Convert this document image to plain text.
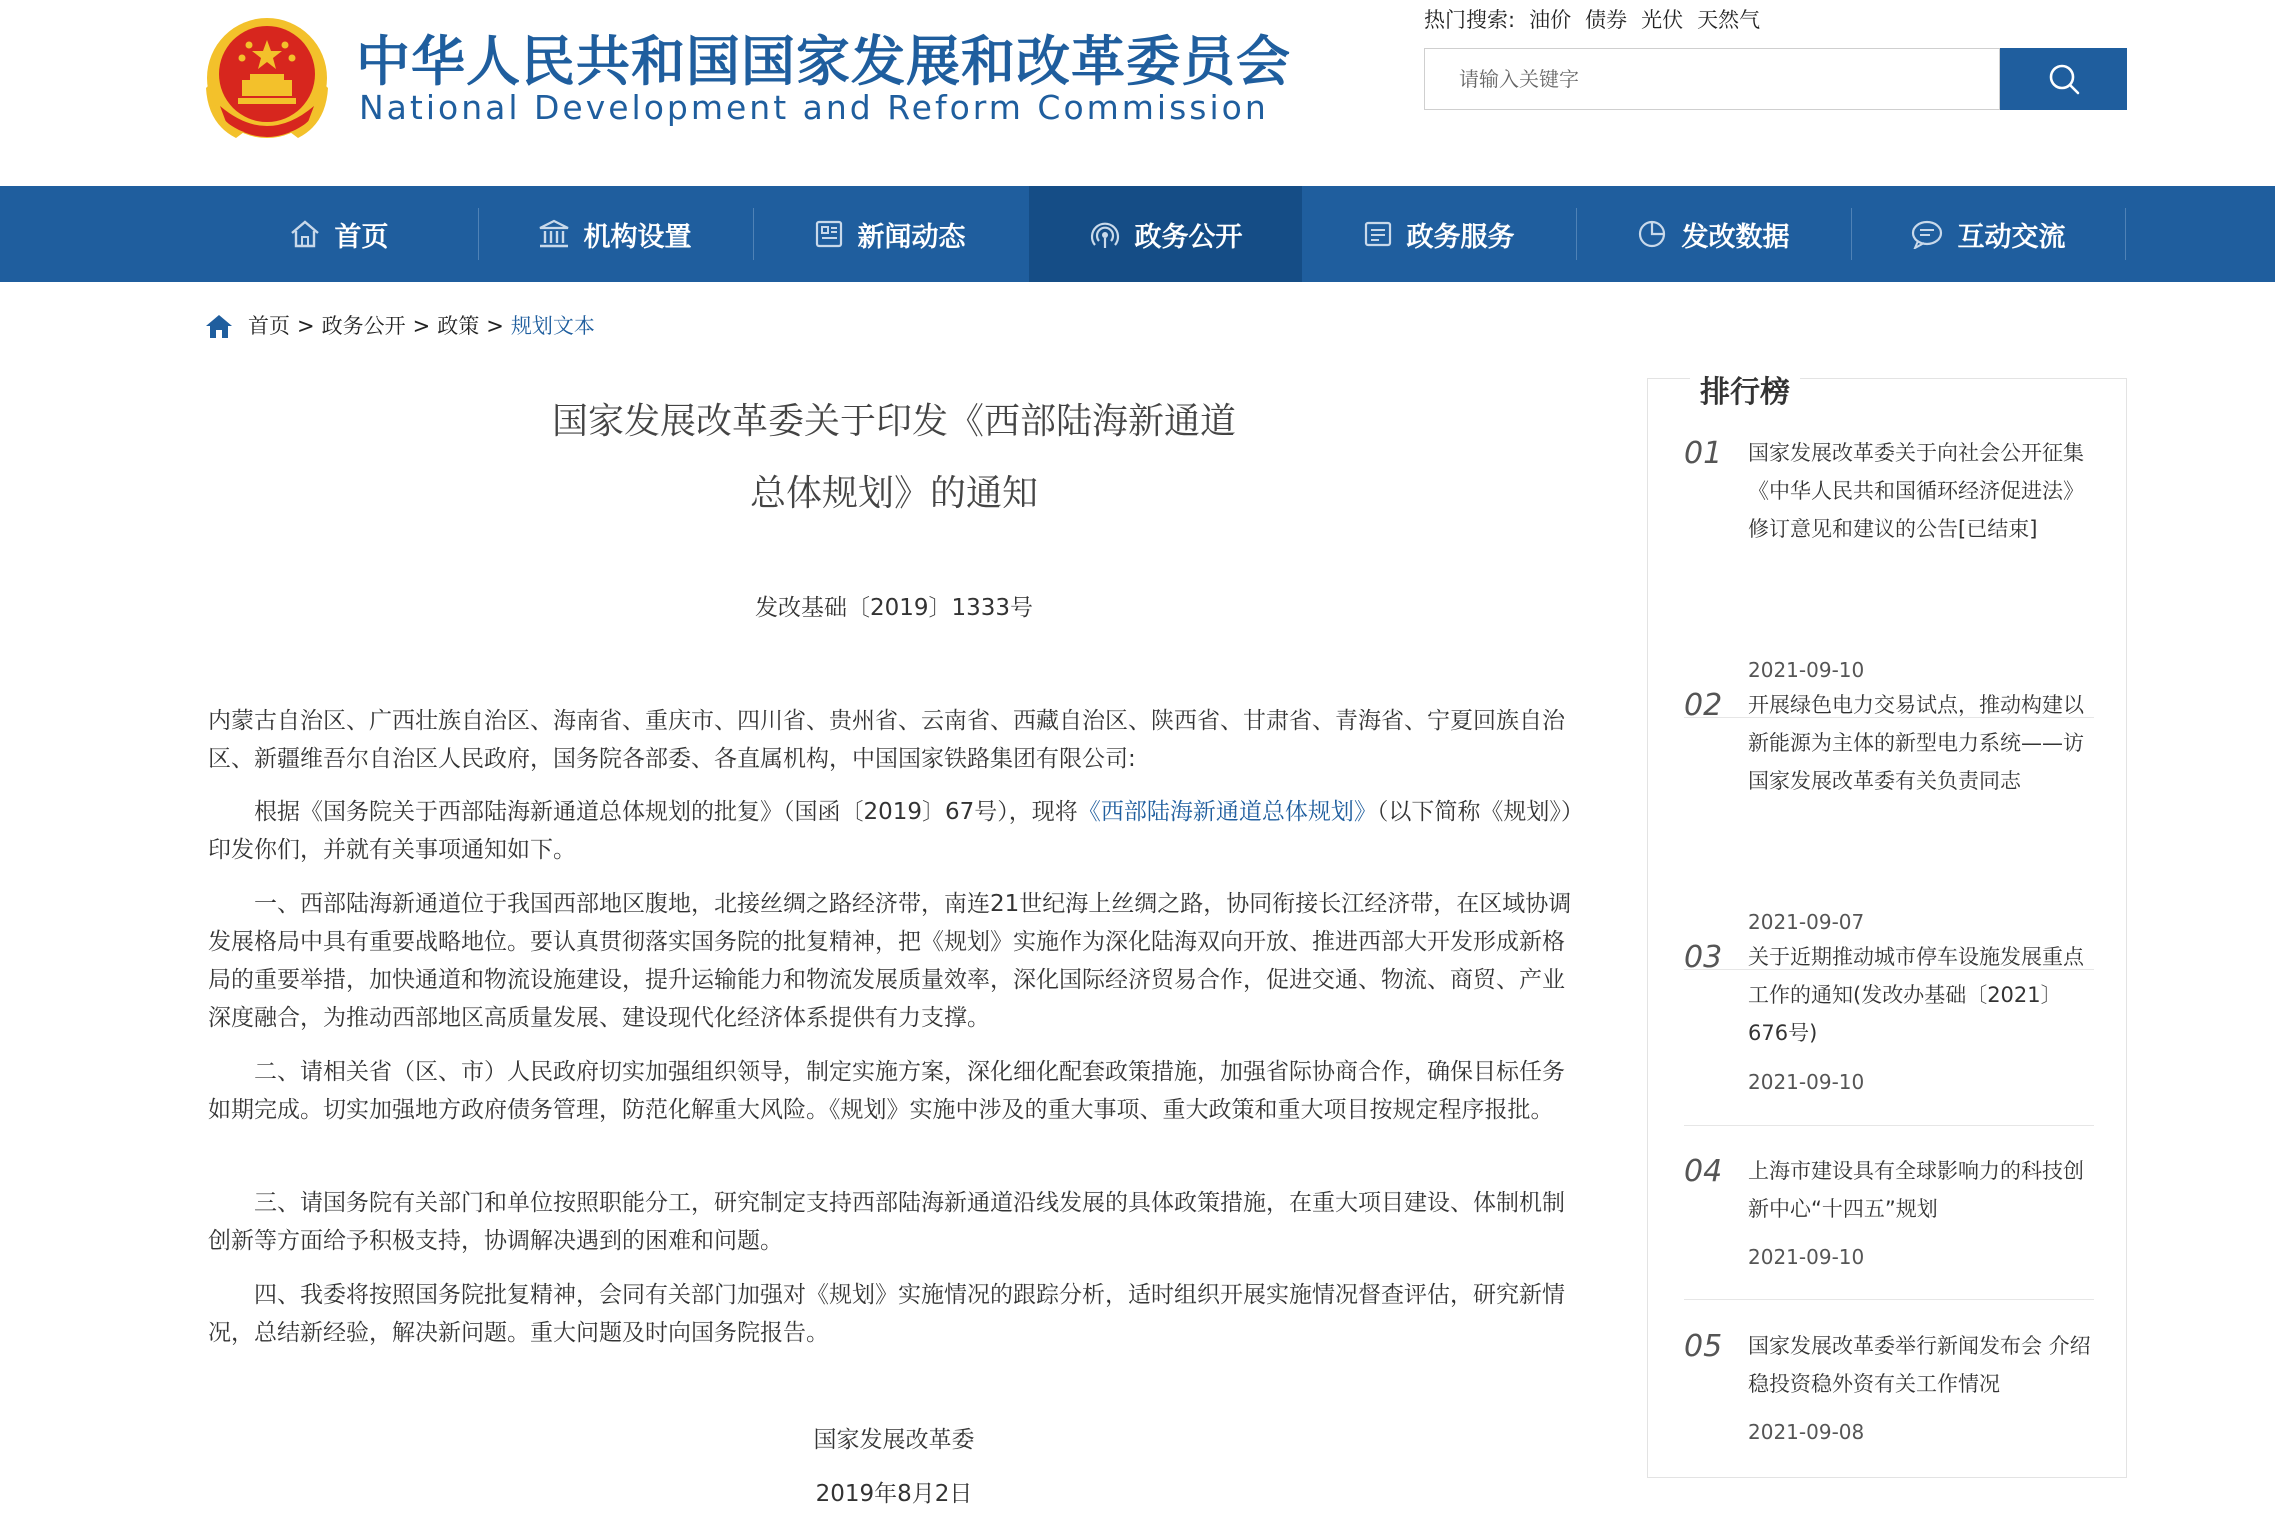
中华人民共和国国家发展和改革委员会
National Development and Reform Commission
热门搜索: 油价 债券 光伏 天然气
请输入关键字
首页	机构设置	新闻动态	政务公开	政务服务	发改数据	互动交流
首页 > 政务公开 > 政策 > 规划文本
国家发展改革委关于印发《西部陆海新通道
总体规划》的通知
发改基础〔2019〕1333号
内蒙古自治区、广西壮族自治区、海南省、重庆市、四川省、贵州省、云南省、西藏自治区、陕西省、甘肃省、青海省、宁夏回族自治区、新疆维吾尔自治区人民政府，国务院各部委、各直属机构，中国国家铁路集团有限公司:
根据《国务院关于西部陆海新通道总体规划的批复》（国函〔2019〕67号），现将《西部陆海新通道总体规划》（以下简称《规划》）印发你们，并就有关事项通知如下。
一、西部陆海新通道位于我国西部地区腹地，北接丝绸之路经济带，南连21世纪海上丝绸之路，协同衔接长江经济带，在区域协调发展格局中具有重要战略地位。要认真贯彻落实国务院的批复精神，把《规划》实施作为深化陆海双向开放、推进西部大开发形成新格局的重要举措，加快通道和物流设施建设，提升运输能力和物流发展质量效率，深化国际经济贸易合作，促进交通、物流、商贸、产业深度融合，为推动西部地区高质量发展、建设现代化经济体系提供有力支撑。
二、请相关省（区、市）人民政府切实加强组织领导，制定实施方案，深化细化配套政策措施，加强省际协商合作，确保目标任务如期完成。切实加强地方政府债务管理，防范化解重大风险。《规划》实施中涉及的重大事项、重大政策和重大项目按规定程序报批。
三、请国务院有关部门和单位按照职能分工，研究制定支持西部陆海新通道沿线发展的具体政策措施，在重大项目建设、体制机制创新等方面给予积极支持，协调解决遇到的困难和问题。
四、我委将按照国务院批复精神，会同有关部门加强对《规划》实施情况的跟踪分析，适时组织开展实施情况督查评估，研究新情况，总结新经验，解决新问题。重大问题及时向国务院报告。
国家发展改革委
2019年8月2日
排行榜
01 国家发展改革委关于向社会公开征集《中华人民共和国循环经济促进法》修订意见和建议的公告[已结束]
2021-09-10
02 开展绿色电力交易试点，推动构建以新能源为主体的新型电力系统——访国家发展改革委有关负责同志
2021-09-07
03 关于近期推动城市停车设施发展重点工作的通知(发改办基础〔2021〕676号)
2021-09-10
04 上海市建设具有全球影响力的科技创新中心“十四五”规划
2021-09-10
05 国家发展改革委举行新闻发布会 介绍稳投资稳外资有关工作情况
2021-09-08
